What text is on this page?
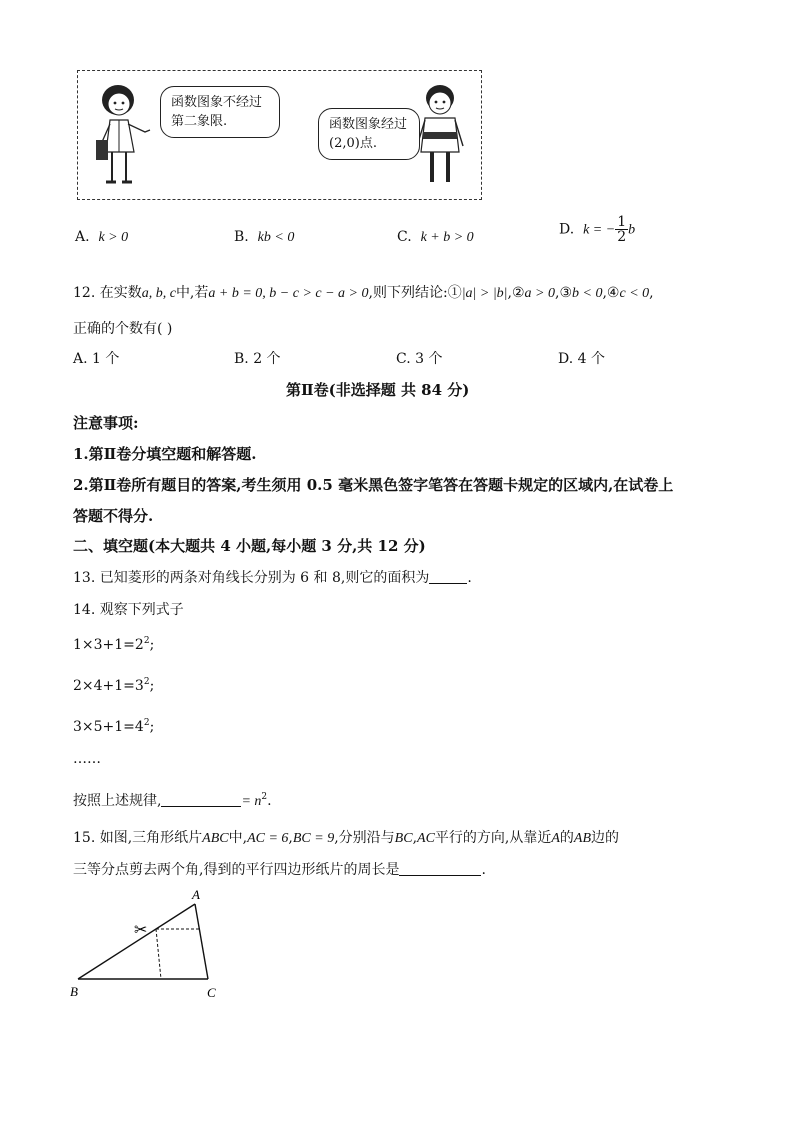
函数图象不经过第二象限.	函数图象经过(2,0)点.
A. k > 0	B. kb < 0	C. k + b > 0	D. k = − $\frac{1}{2}$ b
12. 在实数a, b, c中,若a + b = 0, b − c > c − a > 0,则下列结论:①|a| > |b|,②a > 0,③b < 0,④c < 0,
正确的个数有( )
A. 1 个	B. 2 个	C. 3 个	D. 4 个
第Ⅱ卷(非选择题 共 84 分)
注意事项:
1.第Ⅱ卷分填空题和解答题.
2.第Ⅱ卷所有题目的答案,考生须用 0.5 毫米黑色签字笔答在答题卡规定的区域内,在试卷上
答题不得分.
二、填空题(本大题共 4 小题,每小题 3 分,共 12 分)
13. 已知菱形的两条对角线长分别为 6 和 8,则它的面积为	.
14. 观察下列式子
$1\times 3+1=2^2$;
$2\times 4+1=3^2$;
$3\times 5+1=4^2$;
……
按照上述规律,	= $n^2$.
15. 如图,三角形纸片ABC中,AC = 6,BC = 9,分别沿与BC,AC平行的方向,从靠近A的AB边的
三等分点剪去两个角,得到的平行四边形纸片的周长是	.
✂
A
B	C
